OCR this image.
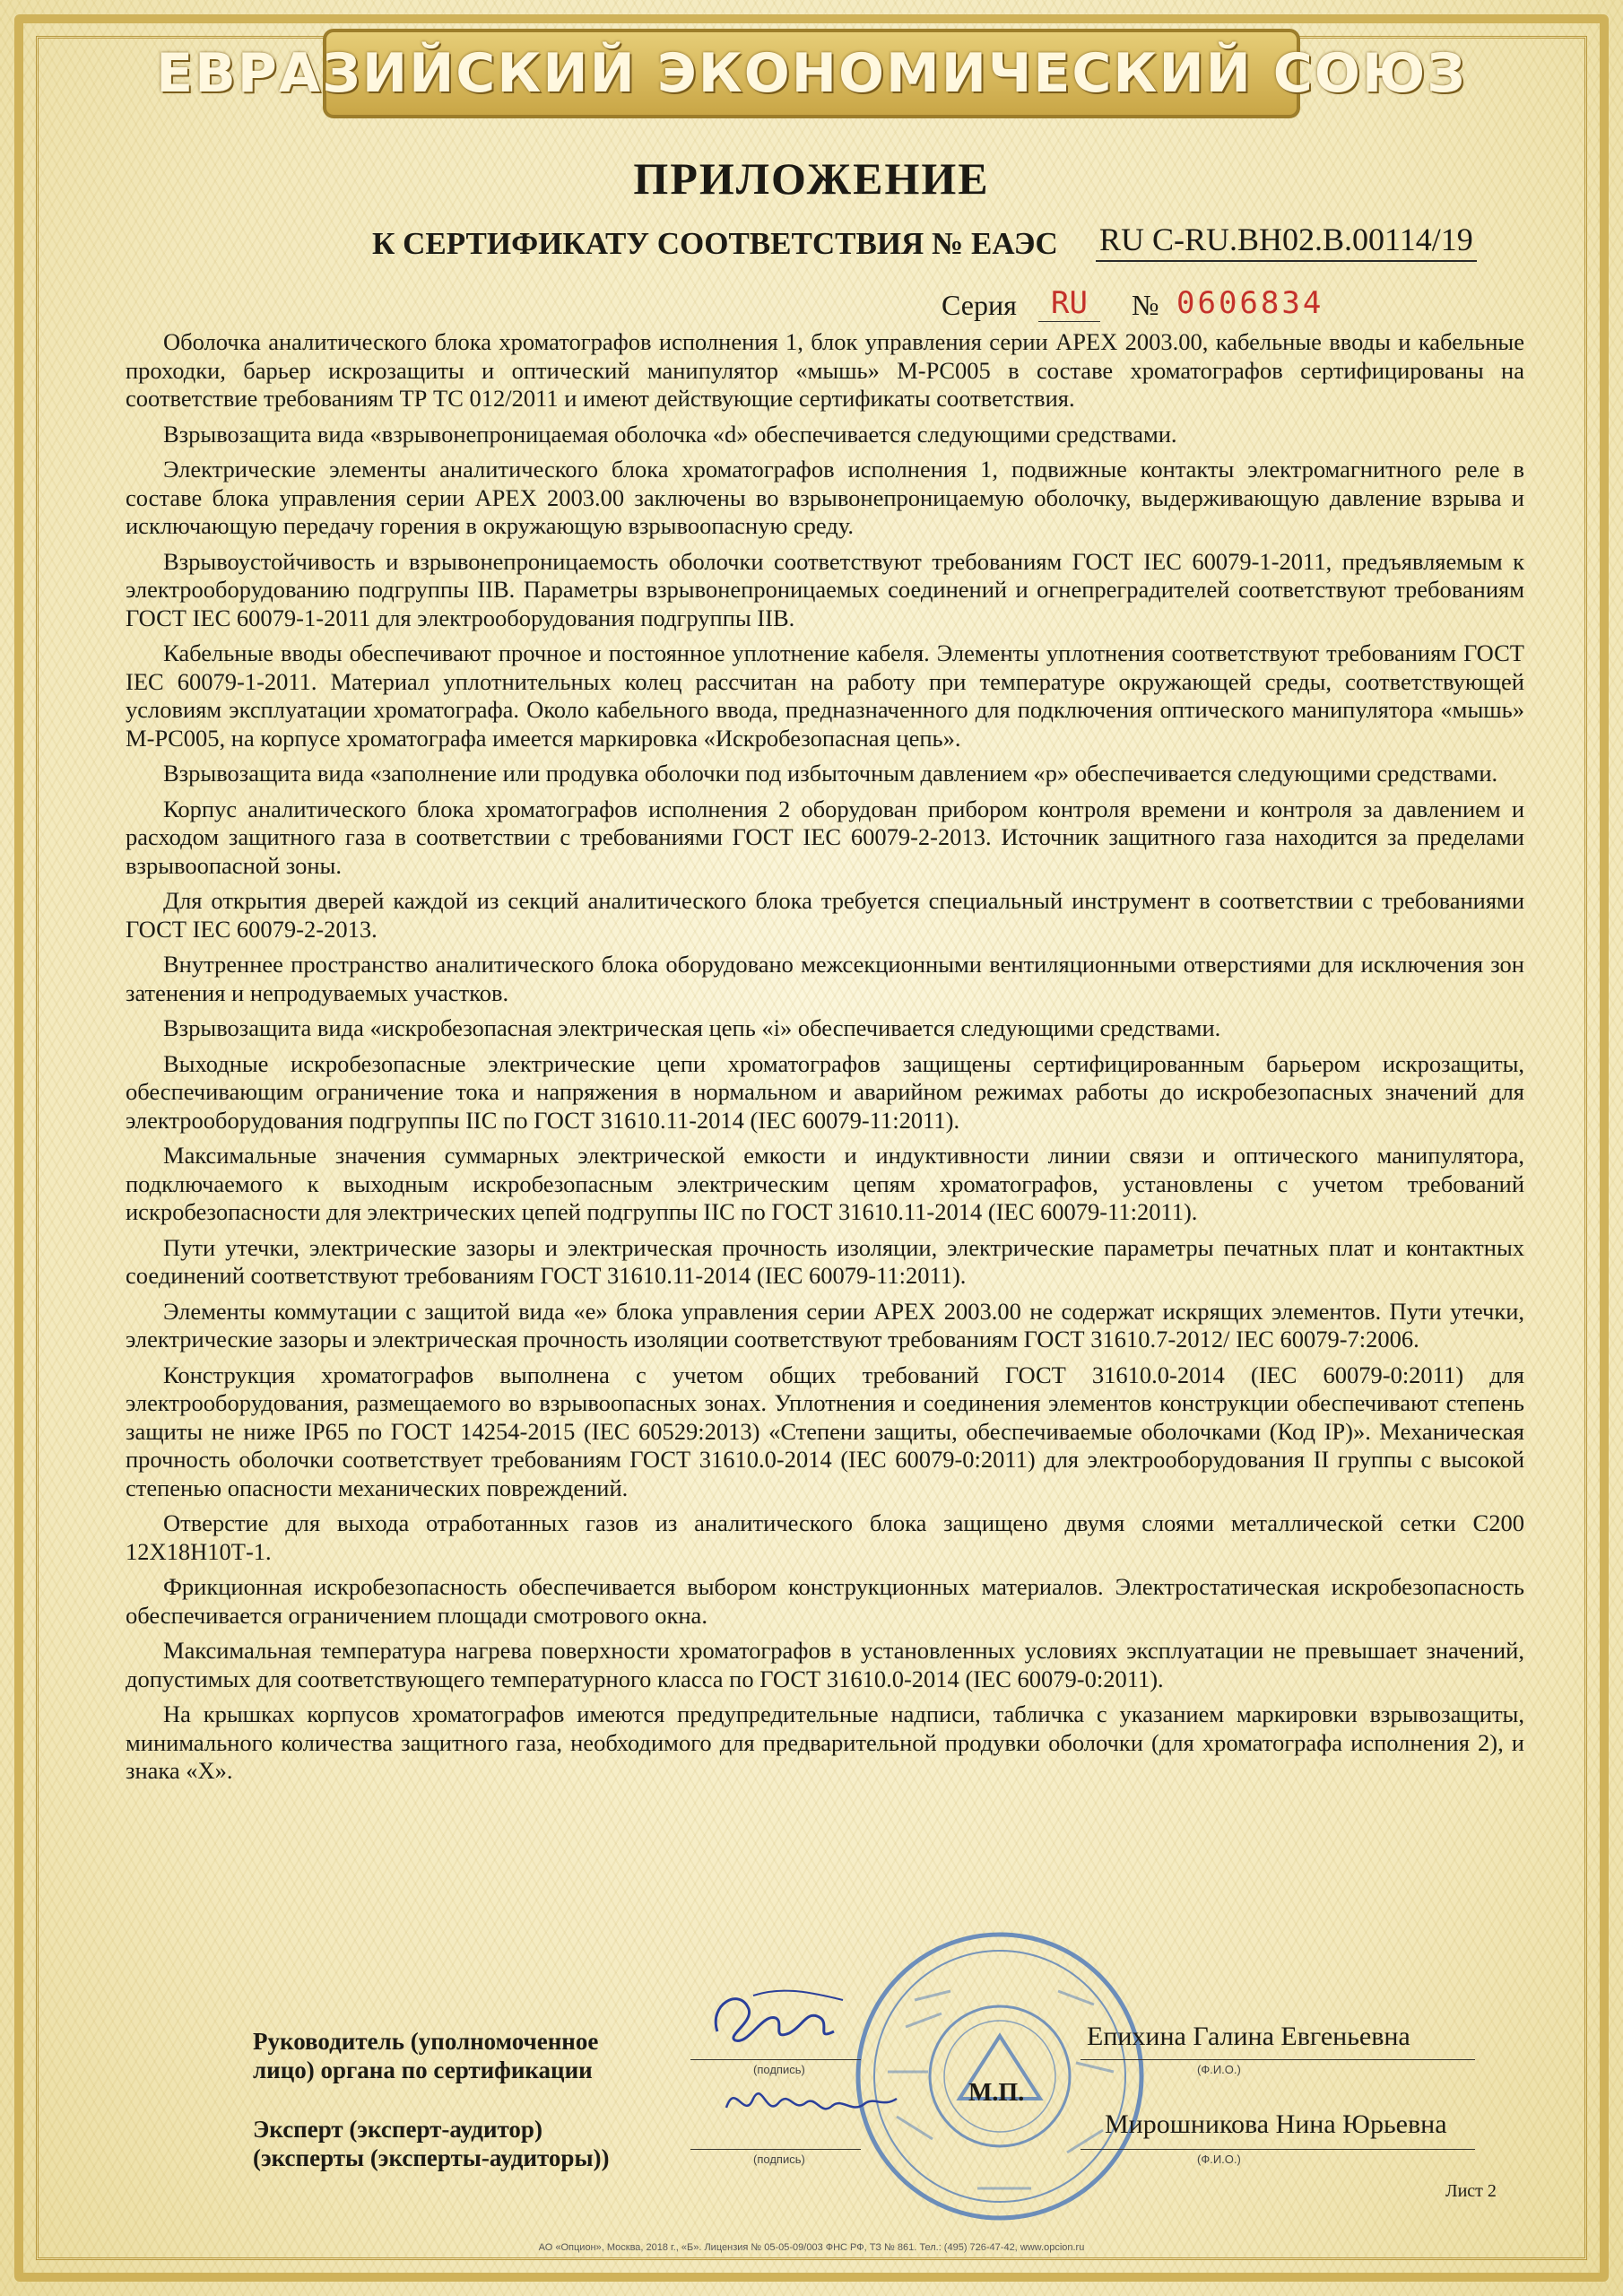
ЕВРАЗИЙСКИЙ ЭКОНОМИЧЕСКИЙ СОЮЗ
ПРИЛОЖЕНИЕ
К СЕРТИФИКАТУ СООТВЕТСТВИЯ № ЕАЭС RU C-RU.BH02.B.00114/19
Серия	RU	№ 0606834

Оболочка аналитического блока хроматографов исполнения 1, блок управления серии APEX 2003.00, кабельные вводы и кабельные проходки, барьер искрозащиты и оптический манипулятор «мышь» M-PC005 в составе хроматографов сертифицированы на соответствие требованиям ТР ТС 012/2011 и имеют действующие сертификаты соответствия.

Взрывозащита вида «взрывонепроницаемая оболочка «d» обеспечивается следующими средствами.

Электрические элементы аналитического блока хроматографов исполнения 1, подвижные контакты электромагнитного реле в составе блока управления серии APEX 2003.00 заключены во взрывонепроницаемую оболочку, выдерживающую давление взрыва и исключающую передачу горения в окружающую взрывоопасную среду.

Взрывоустойчивость и взрывонепроницаемость оболочки соответствуют требованиям ГОСТ IEC 60079-1-2011, предъявляемым к электрооборудованию подгруппы IIB. Параметры взрывонепроницаемых соединений и огнепреградителей соответствуют требованиям ГОСТ IEC 60079-1-2011 для электрооборудования подгруппы IIB.

Кабельные вводы обеспечивают прочное и постоянное уплотнение кабеля. Элементы уплотнения соответствуют требованиям ГОСТ IEC 60079-1-2011. Материал уплотнительных колец рассчитан на работу при температуре окружающей среды, соответствующей условиям эксплуатации хроматографа. Около кабельного ввода, предназначенного для подключения оптического манипулятора «мышь» M-PC005, на корпусе хроматографа имеется маркировка «Искробезопасная цепь».

Взрывозащита вида «заполнение или продувка оболочки под избыточным давлением «p» обеспечивается следующими средствами.

Корпус аналитического блока хроматографов исполнения 2 оборудован прибором контроля времени и контроля за давлением и расходом защитного газа в соответствии с требованиями ГОСТ IEC 60079-2-2013. Источник защитного газа находится за пределами взрывоопасной зоны.

Для открытия дверей каждой из секций аналитического блока требуется специальный инструмент в соответствии с требованиями ГОСТ IEC 60079-2-2013.

Внутреннее пространство аналитического блока оборудовано межсекционными вентиляционными отверстиями для исключения зон затенения и непродуваемых участков.

Взрывозащита вида «искробезопасная электрическая цепь «i» обеспечивается следующими средствами.

Выходные искробезопасные электрические цепи хроматографов защищены сертифицированным барьером искрозащиты, обеспечивающим ограничение тока и напряжения в нормальном и аварийном режимах работы до искробезопасных значений для электрооборудования подгруппы IIC по ГОСТ 31610.11-2014 (IEC 60079-11:2011).

Максимальные значения суммарных электрической емкости и индуктивности линии связи и оптического манипулятора, подключаемого к выходным искробезопасным электрическим цепям хроматографов, установлены с учетом требований искробезопасности для электрических цепей подгруппы IIC по ГОСТ 31610.11-2014 (IEC 60079-11:2011).

Пути утечки, электрические зазоры и электрическая прочность изоляции, электрические параметры печатных плат и контактных соединений соответствуют требованиям ГОСТ 31610.11-2014 (IEC 60079-11:2011).

Элементы коммутации с защитой вида «e» блока управления серии APEX 2003.00 не содержат искрящих элементов. Пути утечки, электрические зазоры и электрическая прочность изоляции соответствуют требованиям ГОСТ 31610.7-2012/ IEC 60079-7:2006.

Конструкция хроматографов выполнена с учетом общих требований ГОСТ 31610.0-2014 (IEC 60079-0:2011) для электрооборудования, размещаемого во взрывоопасных зонах. Уплотнения и соединения элементов конструкции обеспечивают степень защиты не ниже IP65 по ГОСТ 14254-2015 (IEC 60529:2013) «Степени защиты, обеспечиваемые оболочками (Код IP)». Механическая прочность оболочки соответствует требованиям ГОСТ 31610.0-2014 (IEC 60079-0:2011) для электрооборудования II группы с высокой степенью опасности механических повреждений.

Отверстие для выхода отработанных газов из аналитического блока защищено двумя слоями металлической сетки С200 12Х18Н10Т-1.

Фрикционная искробезопасность обеспечивается выбором конструкционных материалов. Электростатическая искробезопасность обеспечивается ограничением площади смотрового окна.

Максимальная температура нагрева поверхности хроматографов в установленных условиях эксплуатации не превышает значений, допустимых для соответствующего температурного класса по ГОСТ 31610.0-2014 (IEC 60079-0:2011).

На крышках корпусов хроматографов имеются предупредительные надписи, табличка с указанием маркировки взрывозащиты, минимального количества защитного газа, необходимого для предварительной продувки оболочки (для хроматографа исполнения 2), и знака «Х».

Руководитель (уполномоченное
лицо) органа по сертификации	(подпись)
Епихина Галина Евгеньевна
(Ф.И.О.)
М.П.
Эксперт (эксперт-аудитор)
(эксперты (эксперты-аудиторы))	(подпись)
Мирошникова Нина Юрьевна
(Ф.И.О.)
Лист 2
АО «Опцион», Москва, 2018 г., «Б». Лицензия № 05-05-09/003 ФНС РФ, ТЗ № 861. Тел.: (495) 726-47-42, www.opcion.ru
